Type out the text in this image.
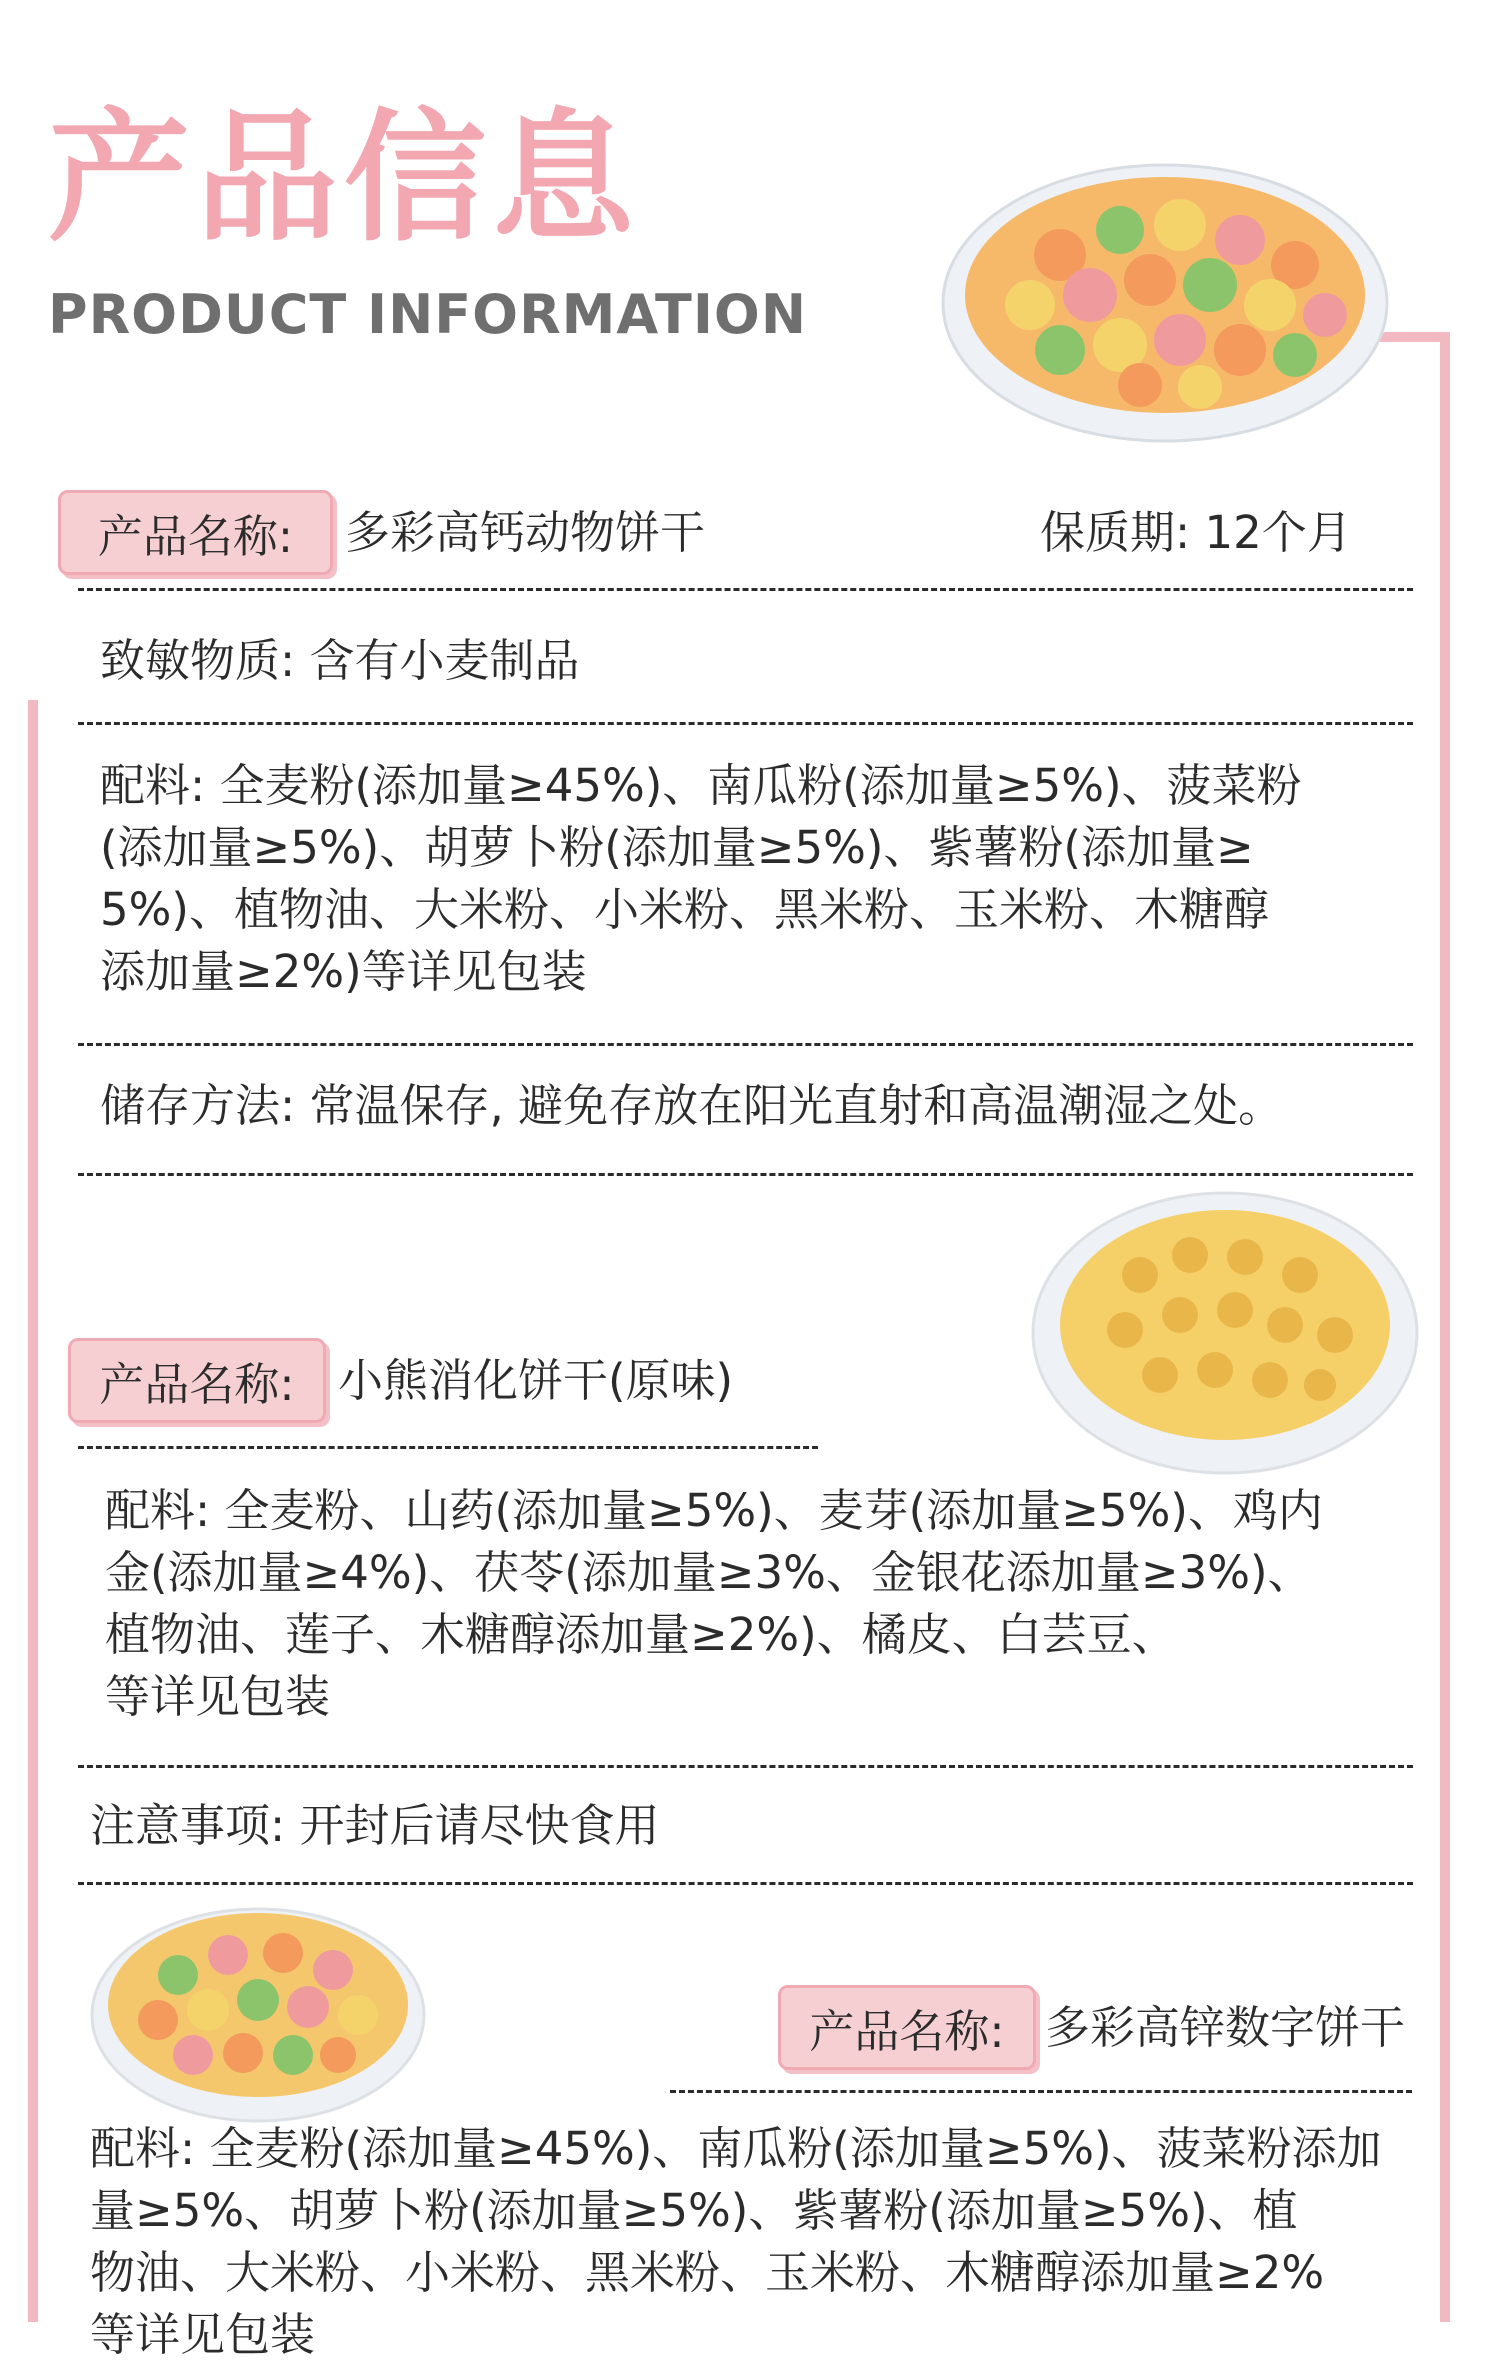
产品信息
PRODUCT INFORMATION
产品名称:	多彩高钙动物饼干	保质期: 12个月
致敏物质: 含有小麦制品
配料: 全麦粉(添加量≥45%)、南瓜粉(添加量≥5%)、菠菜粉
(添加量≥5%)、胡萝卜粉(添加量≥5%)、紫薯粉(添加量≥
5%)、植物油、大米粉、小米粉、黑米粉、玉米粉、木糖醇
添加量≥2%)等详见包装
储存方法: 常温保存, 避免存放在阳光直射和高温潮湿之处。
产品名称: 小熊消化饼干(原味)
配料: 全麦粉、山药(添加量≥5%)、麦芽(添加量≥5%)、鸡内
金(添加量≥4%)、茯苓(添加量≥3%、金银花添加量≥3%)、
植物油、莲子、木糖醇添加量≥2%)、橘皮、白芸豆、
等详见包装
注意事项: 开封后请尽快食用
产品名称: 多彩高锌数字饼干
配料: 全麦粉(添加量≥45%)、南瓜粉(添加量≥5%)、菠菜粉添加
量≥5%、胡萝卜粉(添加量≥5%)、紫薯粉(添加量≥5%)、植
物油、大米粉、小米粉、黑米粉、玉米粉、木糖醇添加量≥2%
等详见包装
